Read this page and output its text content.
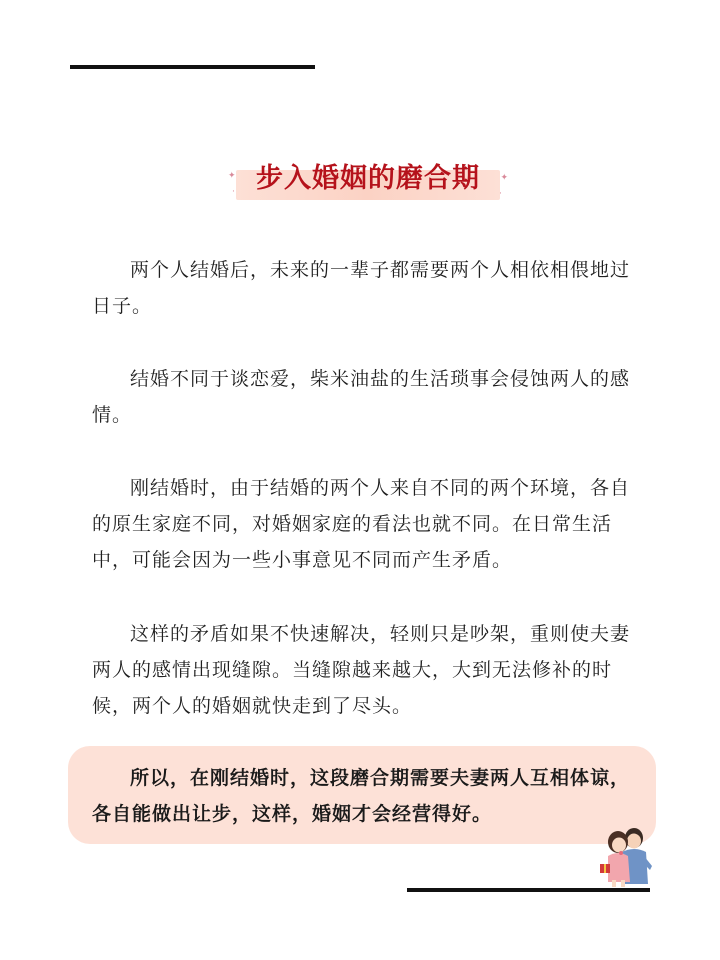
✦
·
✦
·
步入婚姻的磨合期

两个人结婚后，未来的一辈子都需要两个人相依相偎地过日子。

结婚不同于谈恋爱，柴米油盐的生活琐事会侵蚀两人的感情。

刚结婚时，由于结婚的两个人来自不同的两个环境，各自的原生家庭不同，对婚姻家庭的看法也就不同。在日常生活中，可能会因为一些小事意见不同而产生矛盾。

这样的矛盾如果不快速解决，轻则只是吵架，重则使夫妻两人的感情出现缝隙。当缝隙越来越大，大到无法修补的时候，两个人的婚姻就快走到了尽头。

所以，在刚结婚时，这段磨合期需要夫妻两人互相体谅，各自能做出让步，这样，婚姻才会经营得好。
